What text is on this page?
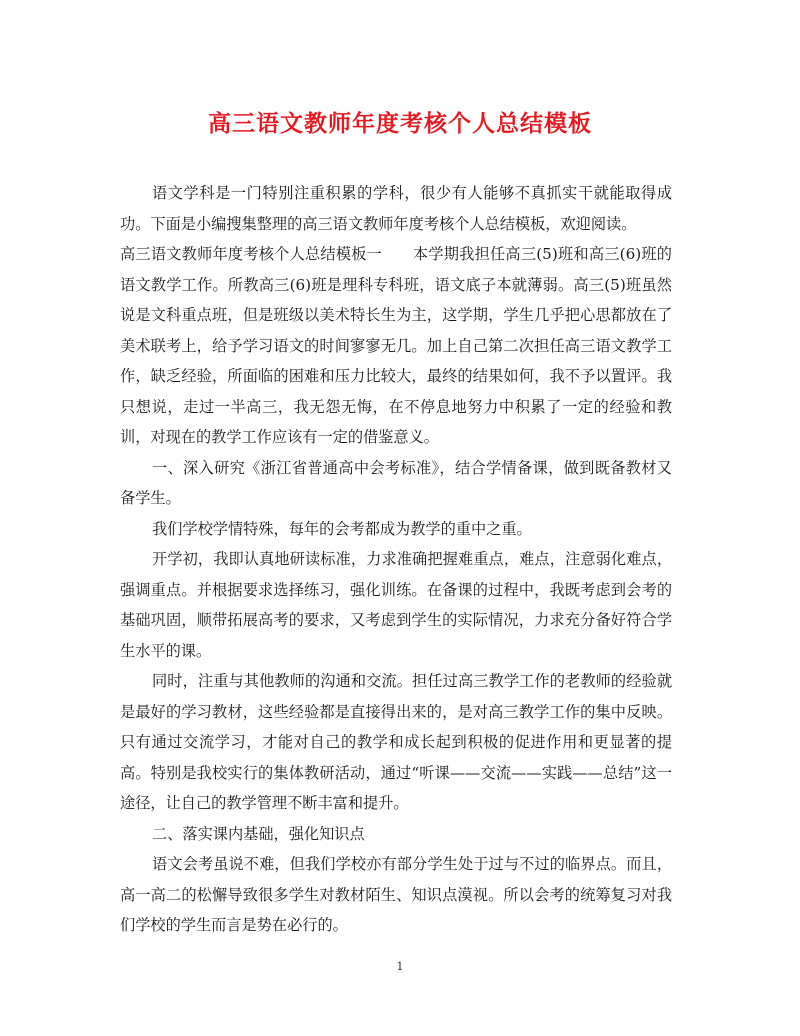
高三语文教师年度考核个人总结模板

语文学科是一门特别注重积累的学科，很少有人能够不真抓实干就能取得成功。下面是小编搜集整理的高三语文教师年度考核个人总结模板，欢迎阅读。

高三语文教师年度考核个人总结模板一　　本学期我担任高三(5)班和高三(6)班的语文教学工作。所教高三(6)班是理科专科班，语文底子本就薄弱。高三(5)班虽然说是文科重点班，但是班级以美术特长生为主，这学期，学生几乎把心思都放在了美术联考上，给予学习语文的时间寥寥无几。加上自己第二次担任高三语文教学工作，缺乏经验，所面临的困难和压力比较大，最终的结果如何，我不予以置评。我只想说，走过一半高三，我无怨无悔，在不停息地努力中积累了一定的经验和教训，对现在的教学工作应该有一定的借鉴意义。

一、深入研究《浙江省普通高中会考标准》，结合学情备课，做到既备教材又备学生。

我们学校学情特殊，每年的会考都成为教学的重中之重。

开学初，我即认真地研读标准，力求准确把握难重点，难点，注意弱化难点，强调重点。并根据要求选择练习，强化训练。在备课的过程中，我既考虑到会考的基础巩固，顺带拓展高考的要求，又考虑到学生的实际情况，力求充分备好符合学生水平的课。

同时，注重与其他教师的沟通和交流。担任过高三教学工作的老教师的经验就是最好的学习教材，这些经验都是直接得出来的，是对高三教学工作的集中反映。只有通过交流学习，才能对自己的教学和成长起到积极的促进作用和更显著的提高。特别是我校实行的集体教研活动，通过“听课——交流——实践——总结”这一途径，让自己的教学管理不断丰富和提升。

二、落实课内基础，强化知识点

语文会考虽说不难，但我们学校亦有部分学生处于过与不过的临界点。而且，高一高二的松懈导致很多学生对教材陌生、知识点漠视。所以会考的统筹复习对我们学校的学生而言是势在必行的。

1
